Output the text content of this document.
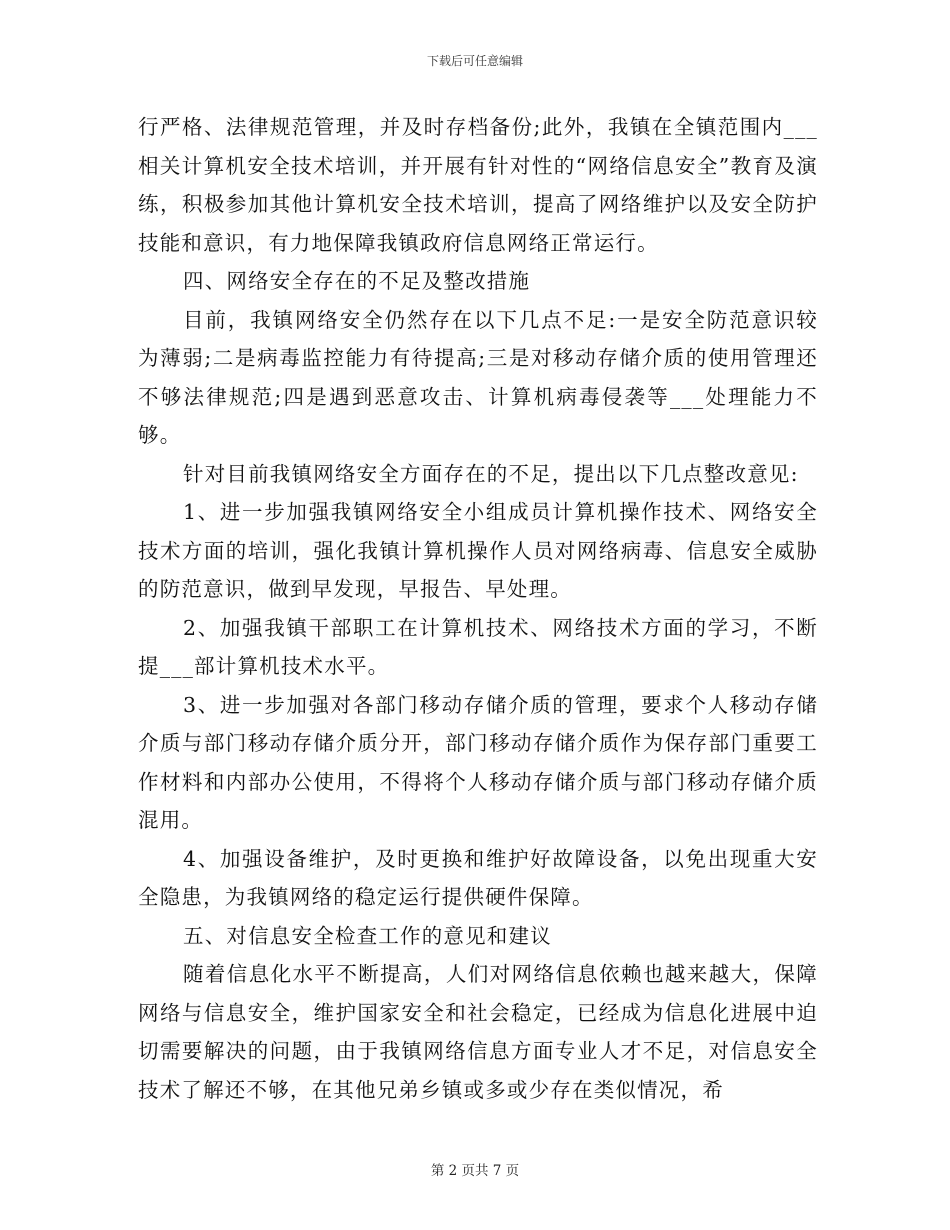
下载后可任意编辑

行严格、法律规范管理，并及时存档备份;此外，我镇在全镇范围内___相关计算机安全技术培训，并开展有针对性的“网络信息安全”教育及演练，积极参加其他计算机安全技术培训，提高了网络维护以及安全防护技能和意识，有力地保障我镇政府信息网络正常运行。

四、网络安全存在的不足及整改措施

目前，我镇网络安全仍然存在以下几点不足:一是安全防范意识较为薄弱;二是病毒监控能力有待提高;三是对移动存储介质的使用管理还不够法律规范;四是遇到恶意攻击、计算机病毒侵袭等___处理能力不够。

针对目前我镇网络安全方面存在的不足，提出以下几点整改意见:

1、进一步加强我镇网络安全小组成员计算机操作技术、网络安全技术方面的培训，强化我镇计算机操作人员对网络病毒、信息安全威胁的防范意识，做到早发现，早报告、早处理。

2、加强我镇干部职工在计算机技术、网络技术方面的学习，不断提___部计算机技术水平。

3、进一步加强对各部门移动存储介质的管理，要求个人移动存储介质与部门移动存储介质分开，部门移动存储介质作为保存部门重要工作材料和内部办公使用，不得将个人移动存储介质与部门移动存储介质混用。

4、加强设备维护，及时更换和维护好故障设备，以免出现重大安全隐患，为我镇网络的稳定运行提供硬件保障。

五、对信息安全检查工作的意见和建议

随着信息化水平不断提高，人们对网络信息依赖也越来越大，保障网络与信息安全，维护国家安全和社会稳定，已经成为信息化进展中迫切需要解决的问题，由于我镇网络信息方面专业人才不足，对信息安全技术了解还不够，在其他兄弟乡镇或多或少存在类似情况，希

第 2 页共 7 页
